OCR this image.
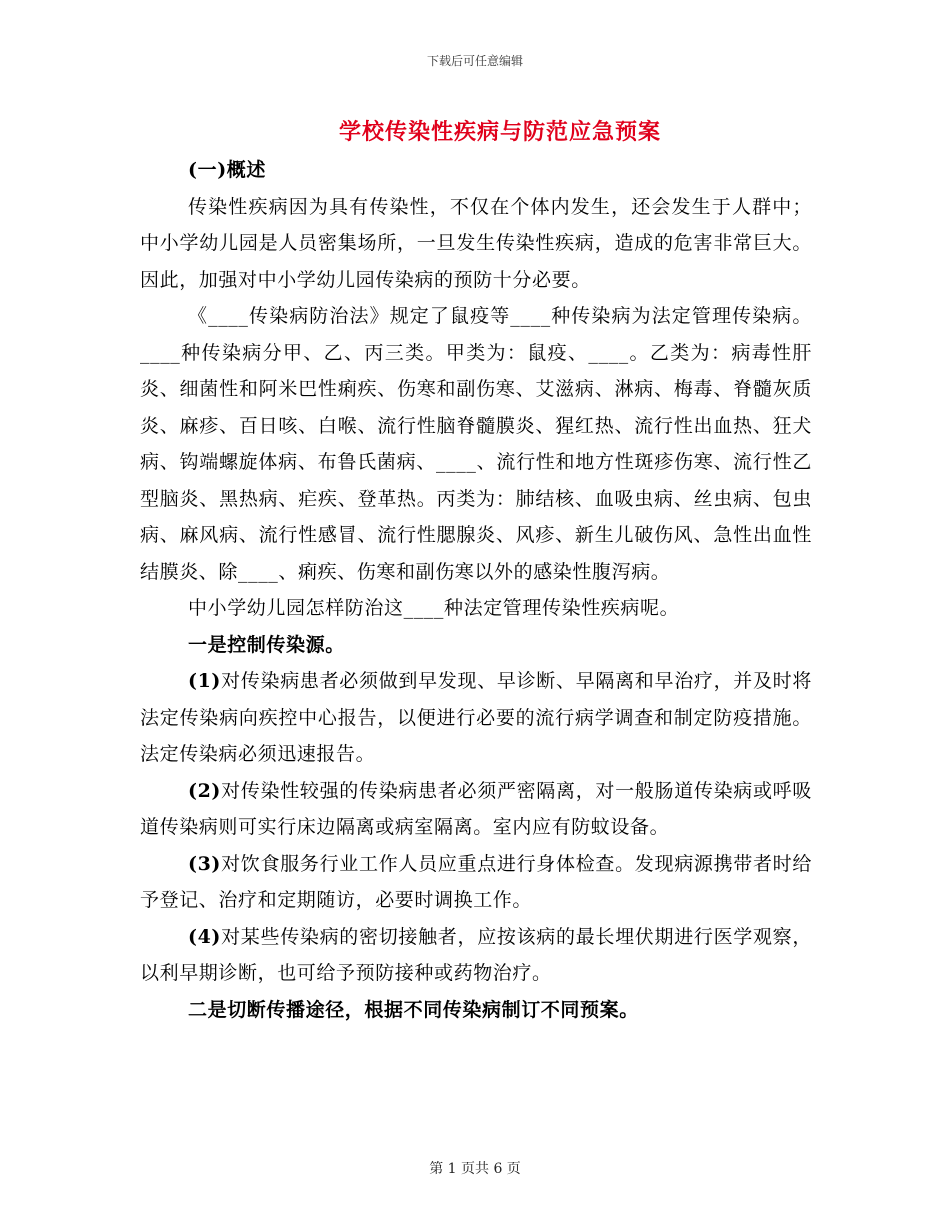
下载后可任意编辑
学校传染性疾病与防范应急预案

(一)概述

传染性疾病因为具有传染性，不仅在个体内发生，还会发生于人群中；中小学幼儿园是人员密集场所，一旦发生传染性疾病，造成的危害非常巨大。因此，加强对中小学幼儿园传染病的预防十分必要。

《____传染病防治法》规定了鼠疫等____种传染病为法定管理传染病。____种传染病分甲、乙、丙三类。甲类为：鼠疫、____。乙类为：病毒性肝炎、细菌性和阿米巴性痢疾、伤寒和副伤寒、艾滋病、淋病、梅毒、脊髓灰质炎、麻疹、百日咳、白喉、流行性脑脊髓膜炎、猩红热、流行性出血热、狂犬病、钩端螺旋体病、布鲁氏菌病、____、流行性和地方性斑疹伤寒、流行性乙型脑炎、黑热病、疟疾、登革热。丙类为：肺结核、血吸虫病、丝虫病、包虫病、麻风病、流行性感冒、流行性腮腺炎、风疹、新生儿破伤风、急性出血性结膜炎、除____、痢疾、伤寒和副伤寒以外的感染性腹泻病。

中小学幼儿园怎样防治这____种法定管理传染性疾病呢。

一是控制传染源。

(1)对传染病患者必须做到早发现、早诊断、早隔离和早治疗，并及时将法定传染病向疾控中心报告，以便进行必要的流行病学调查和制定防疫措施。法定传染病必须迅速报告。

(2)对传染性较强的传染病患者必须严密隔离，对一般肠道传染病或呼吸道传染病则可实行床边隔离或病室隔离。室内应有防蚊设备。

(3)对饮食服务行业工作人员应重点进行身体检查。发现病源携带者时给予登记、治疗和定期随访，必要时调换工作。

(4)对某些传染病的密切接触者，应按该病的最长埋伏期进行医学观察，以利早期诊断，也可给予预防接种或药物治疗。

二是切断传播途径，根据不同传染病制订不同预案。

第 1 页共 6 页
